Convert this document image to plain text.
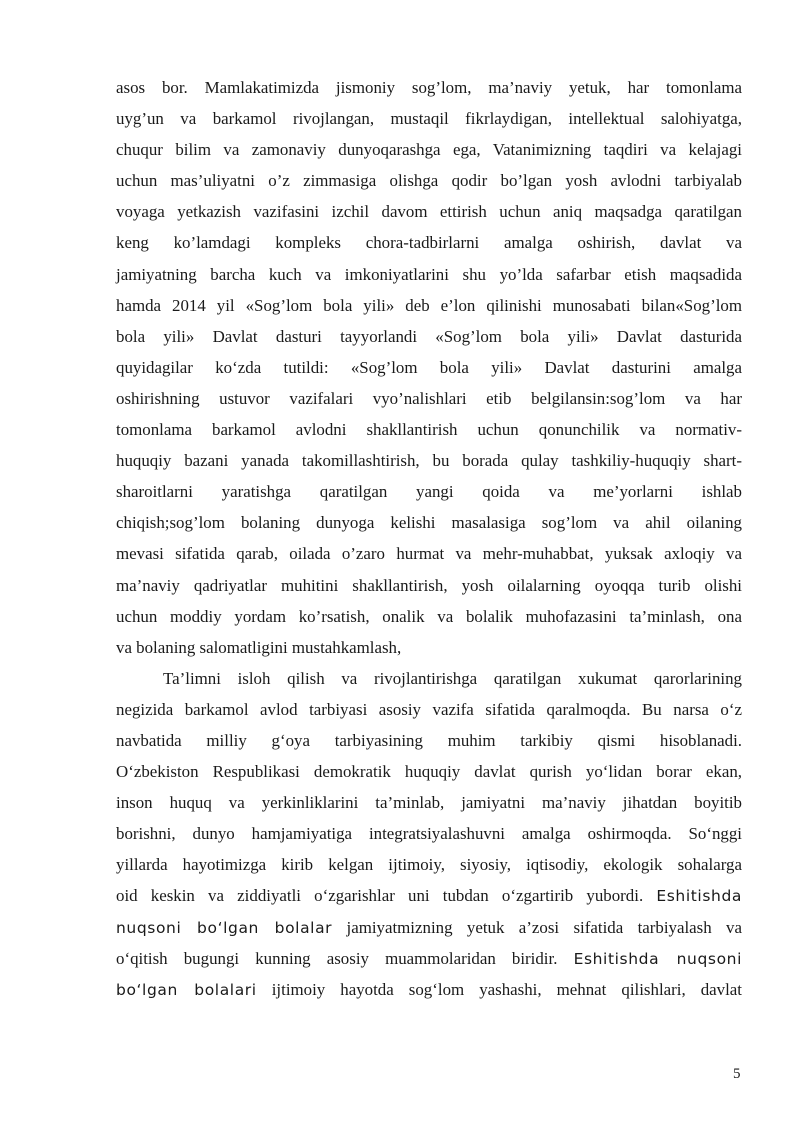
asos bor. Mamlakatimizda jismoniy sog’lom, ma’naviy yetuk, har tomonlama
uyg’un va barkamol rivojlangan, mustaqil fikrlaydigan, intellektual salohiyatga,
chuqur bilim va zamonaviy dunyoqarashga ega, Vatanimizning taqdiri va kelajagi
uchun mas’uliyatni o’z zimmasiga olishga qodir bo’lgan yosh avlodni tarbiyalab
voyaga yetkazish vazifasini izchil davom ettirish uchun aniq maqsadga qaratilgan
keng ko’lamdagi kompleks chora-tadbirlarni amalga oshirish, davlat va
jamiyatning barcha kuch va imkoniyatlarini shu yo’lda safarbar etish maqsadida
hamda 2014 yil «Sog’lom bola yili» deb e’lon qilinishi munosabati bilan«Sog’lom
bola yili» Davlat dasturi tayyorlandi «Sog’lom bola yili» Davlat dasturida
quyidagilar ko‘zda tutildi: «Sog’lom bola yili» Davlat dasturini amalga
oshirishning ustuvor vazifalari vyo’nalishlari etib belgilansin:sog’lom va har
tomonlama barkamol avlodni shakllantirish uchun qonunchilik va normativ-
huquqiy bazani yanada takomillashtirish, bu borada qulay tashkiliy-huquqiy shart-
sharoitlarni yaratishga qaratilgan yangi qoida va me’yorlarni ishlab
chiqish;sog’lom bolaning dunyoga kelishi masalasiga sog’lom va ahil oilaning
mevasi sifatida qarab, oilada o’zaro hurmat va mehr-muhabbat, yuksak axloqiy va
ma’naviy qadriyatlar muhitini shakllantirish, yosh oilalarning oyoqqa turib olishi
uchun moddiy yordam ko’rsatish, onalik va bolalik muhofazasini ta’minlash, ona
va bolaning salomatligini mustahkamlash,
Ta’limni isloh qilish va rivojlantirishga qaratilgan xukumat qarorlarining
negizida barkamol avlod tarbiyasi asosiy vazifa sifatida qaralmoqda. Bu narsa o‘z
navbatida milliy g‘oya tarbiyasining muhim tarkibiy qismi hisoblanadi.
O‘zbekiston Respublikasi demokratik huquqiy davlat qurish yo‘lidan borar ekan,
inson huquq va yerkinliklarini ta’minlab, jamiyatni ma’naviy jihatdan boyitib
borishni, dunyo hamjamiyatiga integratsiyalashuvni amalga oshirmoqda. So‘nggi
yillarda hayotimizga kirib kelgan ijtimoiy, siyosiy, iqtisodiy, ekologik sohalarga
oid keskin va ziddiyatli o‘zgarishlar uni tubdan o‘zgartirib yubordi. Eshitishda
nuqsoni bo‘lgan bolalar jamiyatmizning yetuk a’zosi sifatida tarbiyalash va
o‘qitish bugungi kunning asosiy muammolaridan biridir. Eshitishda nuqsoni
bo‘lgan bolalari ijtimoiy hayotda sog‘lom yashashi, mehnat qilishlari, davlat
5
